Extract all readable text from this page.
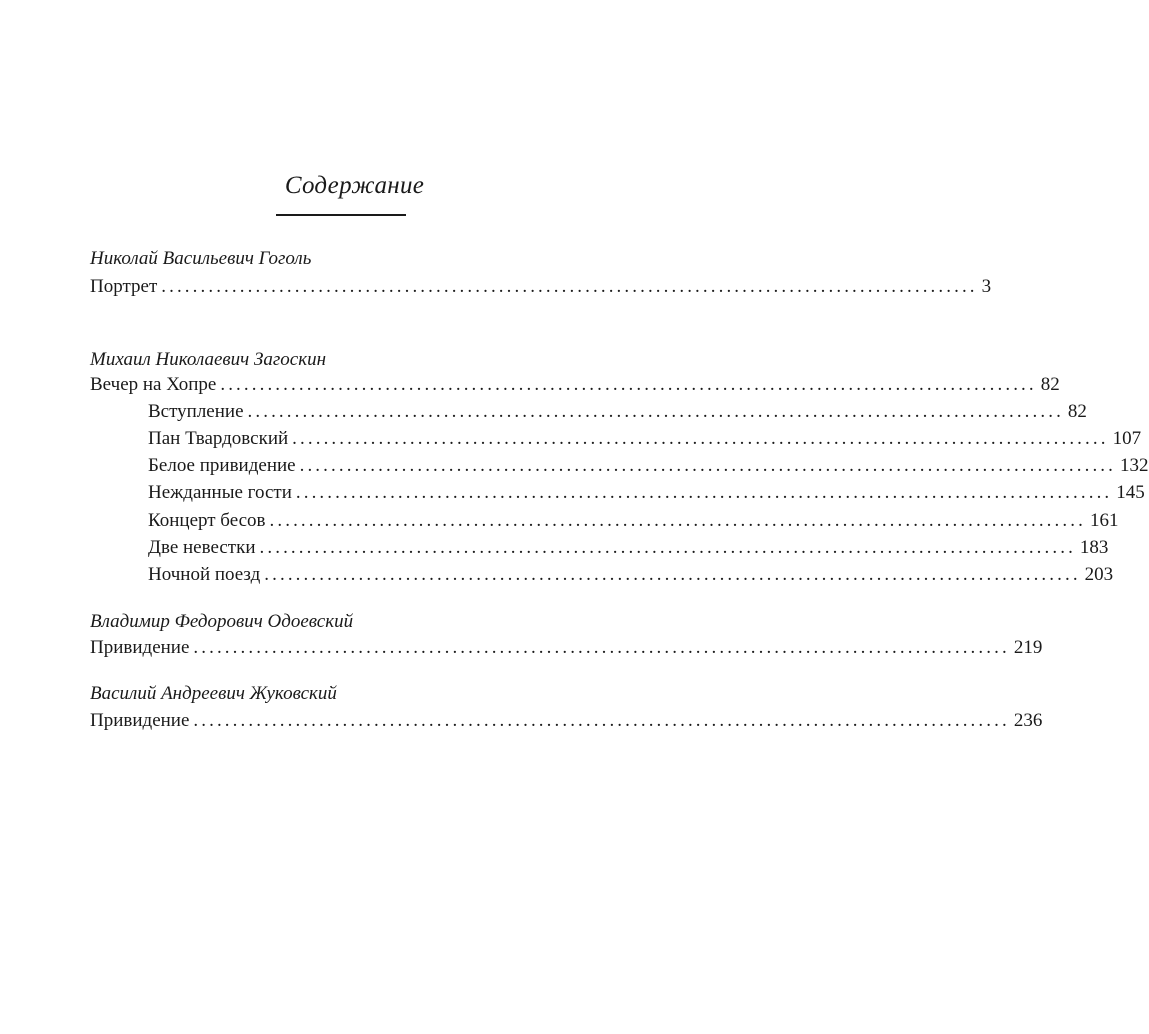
Содержание
Николай Васильевич Гоголь
Портрет ........................................................................................................ 3
Михаил Николаевич Загоскин
Вечер на Хопре ........................................................................................................ 82
Вступление ........................................................................................................ 82
Пан Твардовский ........................................................................................................ 107
Белое привидение ........................................................................................................ 132
Нежданные гости ........................................................................................................ 145
Концерт бесов ........................................................................................................ 161
Две невестки ........................................................................................................ 183
Ночной поезд ........................................................................................................ 203
Владимир Федорович Одоевский
Привидение ........................................................................................................ 219
Василий Андреевич Жуковский
Привидение ........................................................................................................ 236
